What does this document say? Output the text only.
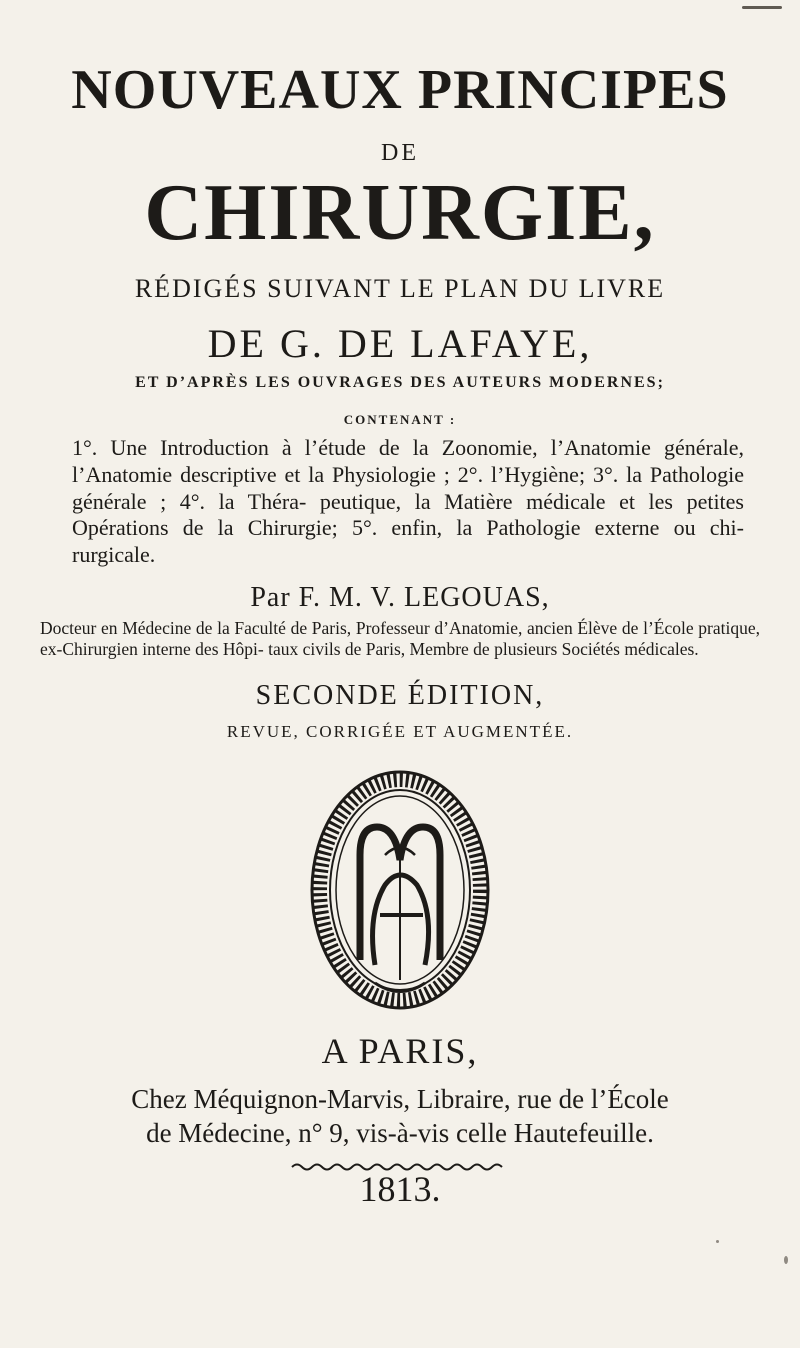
NOUVEAUX PRINCIPES
DE
CHIRURGIE,
RÉDIGÉS SUIVANT LE PLAN DU LIVRE
DE G. DE LAFAYE,
ET D’APRÈS LES OUVRAGES DES AUTEURS MODERNES;
CONTENANT :
1°. Une Introduction à l’étude de la Zoonomie, l’Anatomie générale, l’Anatomie descriptive et la Physiologie ; 2°. l’Hygiène; 3°. la Pathologie générale ; 4°. la Théra- peutique, la Matière médicale et les petites Opérations de la Chirurgie; 5°. enfin, la Pathologie externe ou chi- rurgicale.
Par F. M. V. LEGOUAS,
Docteur en Médecine de la Faculté de Paris, Professeur d’Anatomie, ancien Élève de l’École pratique, ex-Chirurgien interne des Hôpi- taux civils de Paris, Membre de plusieurs Sociétés médicales.
SECONDE ÉDITION,
REVUE, CORRIGÉE ET AUGMENTÉE.
A PARIS,
Chez Méquignon-Marvis, Libraire, rue de l’École
de Médecine, n° 9, vis-à-vis celle Hautefeuille.
1813.
